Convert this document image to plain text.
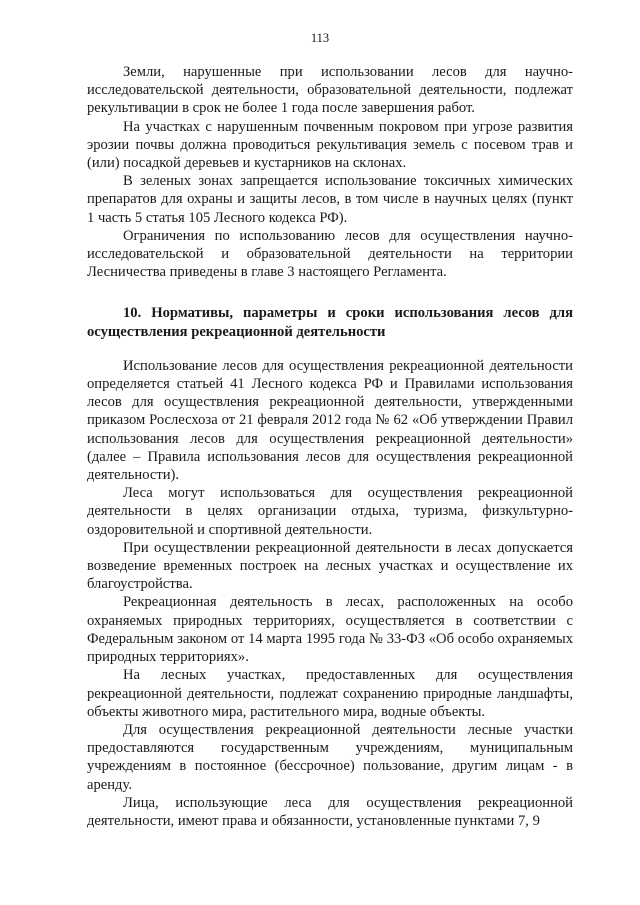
113

Земли, нарушенные при использовании лесов для научно-исследовательской деятельности, образовательной деятельности, подлежат рекультивации в срок не более 1 года после завершения работ.

На участках с нарушенным почвенным покровом при угрозе развития эрозии почвы должна проводиться рекультивация земель с посевом трав и (или) посадкой деревьев и кустарников на склонах.

В зеленых зонах запрещается использование токсичных химических препаратов для охраны и защиты лесов, в том числе в научных целях (пункт 1 часть 5 статья 105 Лесного кодекса РФ).

Ограничения по использованию лесов для осуществления научно-исследовательской и образовательной деятельности на территории Лесничества приведены в главе 3 настоящего Регламента.

10. Нормативы, параметры и сроки использования лесов для осуществления рекреационной деятельности

Использование лесов для осуществления рекреационной деятельности определяется статьей 41 Лесного кодекса РФ и Правилами использования лесов для осуществления рекреационной деятельности, утвержденными приказом Рослесхоза от 21 февраля 2012 года № 62 «Об утверждении Правил использования лесов для осуществления рекреационной деятельности» (далее – Правила использования лесов для осуществления рекреационной деятельности).

Леса могут использоваться для осуществления рекреационной деятельности в целях организации отдыха, туризма, физкультурно-оздоровительной и спортивной деятельности.

При осуществлении рекреационной деятельности в лесах допускается возведение временных построек на лесных участках и осуществление их благоустройства.

Рекреационная деятельность в лесах, расположенных на особо охраняемых природных территориях, осуществляется в соответствии с Федеральным законом от 14 марта 1995 года № 33-ФЗ «Об особо охраняемых природных территориях».

На лесных участках, предоставленных для осуществления рекреационной деятельности, подлежат сохранению природные ландшафты, объекты животного мира, растительного мира, водные объекты.

Для осуществления рекреационной деятельности лесные участки предоставляются государственным учреждениям, муниципальным учреждениям в постоянное (бессрочное) пользование, другим лицам - в аренду.

Лица, использующие леса для осуществления рекреационной деятельности, имеют права и обязанности, установленные пунктами 7, 9
